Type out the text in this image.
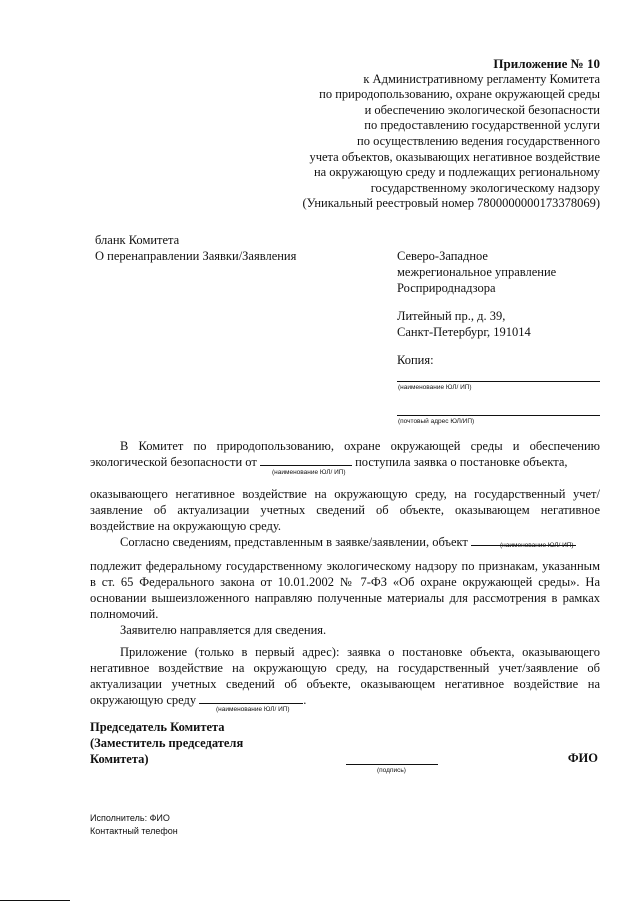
Приложение № 10
к Административному регламенту Комитета
по природопользованию, охране окружающей среды
и обеспечению экологической безопасности
по предоставлению государственной услуги
по осуществлению ведения государственного
учета объектов, оказывающих негативное воздействие
на окружающую среду и подлежащих региональному
государственному экологическому надзору
(Уникальный реестровый номер 7800000000173378069)
бланк Комитета
О перенаправлении Заявки/Заявления	Северо-Западное
межрегиональное управление
Росприроднадзора
Литейный пр., д. 39,
Санкт-Петербург, 191014
Копия:
(наименование ЮЛ/ ИП)
(почтовый адрес ЮЛ/ИП)

В Комитет по природопользованию, охране окружающей среды и обеспечению экологической безопасности от	поступила заявка о постановке объекта,

(наименование ЮЛ/ ИП)

оказывающего негативное воздействие на окружающую среду, на государственный учет/заявление об актуализации учетных сведений об объекте, оказывающем негативное воздействие на окружающую среду.

Согласно сведениям, представленным в заявке/заявлении, объект	(наименование ЮЛ/ ИП)

подлежит федеральному государственному экологическому надзору по признакам, указанным в ст. 65 Федерального закона от 10.01.2002 № 7-ФЗ «Об охране окружающей среды». На основании вышеизложенного направляю полученные материалы для рассмотрения в рамках полномочий.

Заявителю направляется для сведения.

Приложение (только в первый адрес): заявка о постановке объекта, оказывающего негативное воздействие на окружающую среду, на государственный учет/заявление об актуализации учетных сведений об объекте, оказывающем негативное воздействие на окружающую среду	.

(наименование ЮЛ/ ИП)
Председатель Комитета
(Заместитель председателя
Комитета)
(подпись)
ФИО
Исполнитель: ФИО
Контактный телефон
